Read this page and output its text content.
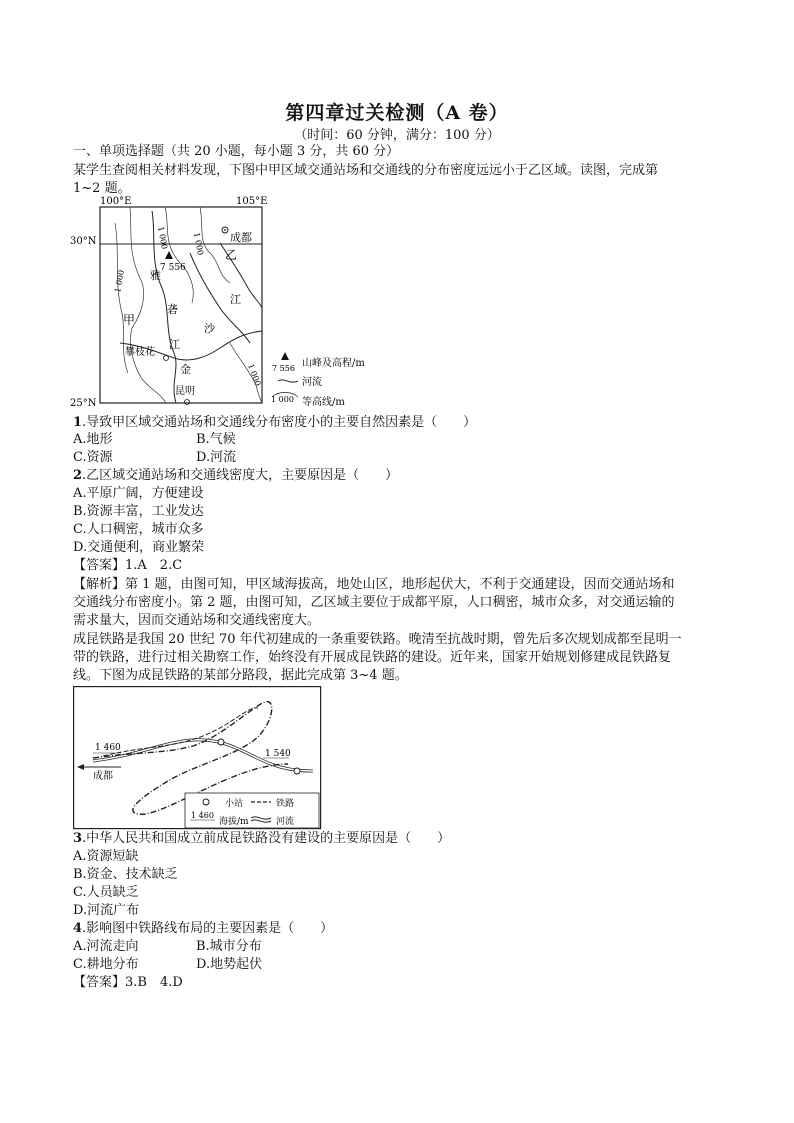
第四章过关检测（A 卷）
（时间：60 分钟，满分：100 分）
一、单项选择题（共 20 小题，每小题 3 分，共 60 分）
某学生查阅相关材料发现，下图中甲区域交通站场和交通线的分布密度远远小于乙区域。读图，完成第
1~2 题。
100°E	105°E
30°N
25°N
1 000
1 000
1 000
1 000
7 556
成都
乙
甲
雅
砻
江
金
沙
江
攀枝花
昆明
7 556 山峰及高程/m
河流
1 000 等高线/m
1.导致甲区域交通站场和交通线分布密度小的主要自然因素是（　　）
A.地形	B.气候
C.资源	D.河流
2.乙区域交通站场和交通线密度大，主要原因是（　　）
A.平原广阔，方便建设
B.资源丰富，工业发达
C.人口稠密，城市众多
D.交通便利，商业繁荣
【答案】1.A　2.C
【解析】第 1 题，由图可知，甲区域海拔高，地处山区，地形起伏大，不利于交通建设，因而交通站场和
交通线分布密度小。第 2 题，由图可知，乙区域主要位于成都平原，人口稠密，城市众多，对交通运输的
需求量大，因而交通站场和交通线密度大。
成昆铁路是我国 20 世纪 70 年代初建成的一条重要铁路。晚清至抗战时期，曾先后多次规划成都至昆明一
带的铁路，进行过相关勘察工作，始终没有开展成昆铁路的建设。近年来，国家开始规划修建成昆铁路复
线。下图为成昆铁路的某部分路段，据此完成第 3~4 题。
1 460
1 540
成都
小站	铁路
1 460
海拔/m	河流
3.中华人民共和国成立前成昆铁路没有建设的主要原因是（　　）
A.资源短缺
B.资金、技术缺乏
C.人员缺乏
D.河流广布
4.影响图中铁路线布局的主要因素是（　　）
A.河流走向	B.城市分布
C.耕地分布	D.地势起伏
【答案】3.B　4.D
